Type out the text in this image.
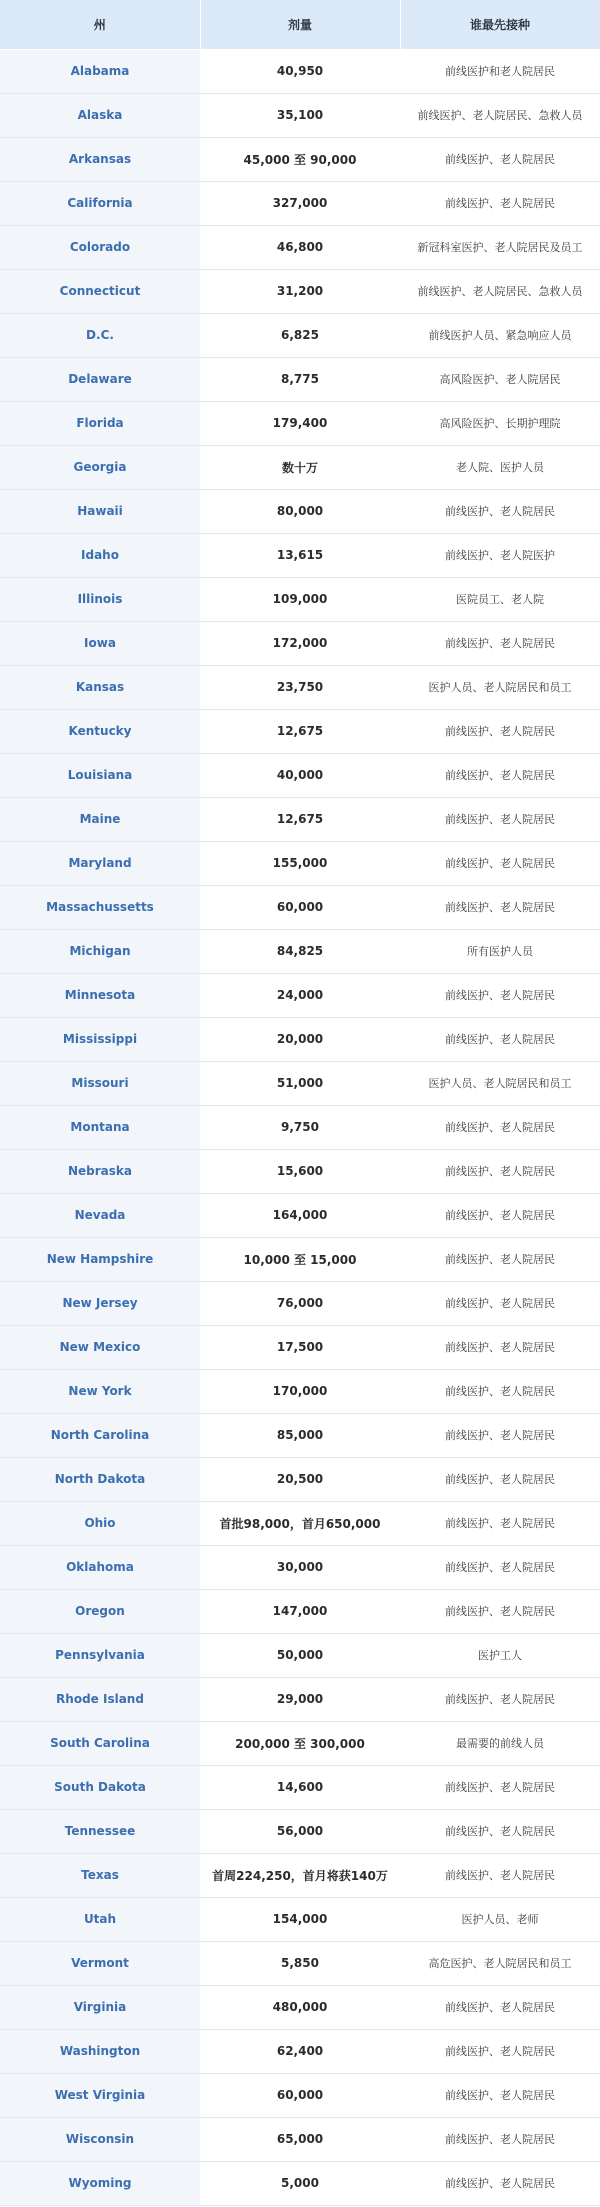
州	剂量	谁最先接种
Alabama	40,950	前线医护和老人院居民
Alaska	35,100	前线医护、老人院居民、急救人员
Arkansas	45,000 至 90,000	前线医护、老人院居民
California	327,000	前线医护、老人院居民
Colorado	46,800	新冠科室医护、老人院居民及员工
Connecticut	31,200	前线医护、老人院居民、急救人员
D.C.	6,825	前线医护人员、紧急响应人员
Delaware	8,775	高风险医护、老人院居民
Florida	179,400	高风险医护、长期护理院
Georgia	数十万	老人院、医护人员
Hawaii	80,000	前线医护、老人院居民
Idaho	13,615	前线医护、老人院医护
Illinois	109,000	医院员工、老人院
Iowa	172,000	前线医护、老人院居民
Kansas	23,750	医护人员、老人院居民和员工
Kentucky	12,675	前线医护、老人院居民
Louisiana	40,000	前线医护、老人院居民
Maine	12,675	前线医护、老人院居民
Maryland	155,000	前线医护、老人院居民
Massachussetts	60,000	前线医护、老人院居民
Michigan	84,825	所有医护人员
Minnesota	24,000	前线医护、老人院居民
Mississippi	20,000	前线医护、老人院居民
Missouri	51,000	医护人员、老人院居民和员工
Montana	9,750	前线医护、老人院居民
Nebraska	15,600	前线医护、老人院居民
Nevada	164,000	前线医护、老人院居民
New Hampshire	10,000 至 15,000	前线医护、老人院居民
New Jersey	76,000	前线医护、老人院居民
New Mexico	17,500	前线医护、老人院居民
New York	170,000	前线医护、老人院居民
North Carolina	85,000	前线医护、老人院居民
North Dakota	20,500	前线医护、老人院居民
Ohio	首批98,000，首月650,000	前线医护、老人院居民
Oklahoma	30,000	前线医护、老人院居民
Oregon	147,000	前线医护、老人院居民
Pennsylvania	50,000	医护工人
Rhode Island	29,000	前线医护、老人院居民
South Carolina	200,000 至 300,000	最需要的前线人员
South Dakota	14,600	前线医护、老人院居民
Tennessee	56,000	前线医护、老人院居民
Texas	首周224,250，首月将获140万	前线医护、老人院居民
Utah	154,000	医护人员、老师
Vermont	5,850	高危医护、老人院居民和员工
Virginia	480,000	前线医护、老人院居民
Washington	62,400	前线医护、老人院居民
West Virginia	60,000	前线医护、老人院居民
Wisconsin	65,000	前线医护、老人院居民
Wyoming	5,000	前线医护、老人院居民
